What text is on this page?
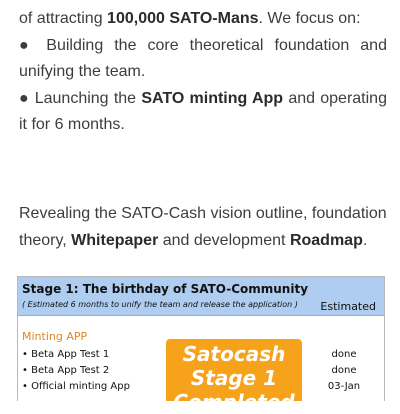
of attracting 100,000 SATO-Mans. We focus on:
● Building the core theoretical foundation and unifying the team.
● Launching the SATO minting App and operating it for 6 months.

Revealing the SATO-Cash vision outline, foundation theory, Whitepaper and development Roadmap.

Stage 1: The birthday of SATO-Community
( Estimated 6 months to unify the team and release the application ) Estimated
Minting APP
• Beta App Test 1	done
• Beta App Test 2	done
• Official minting App	03-Jan
Satocash
Stage 1
Completed
